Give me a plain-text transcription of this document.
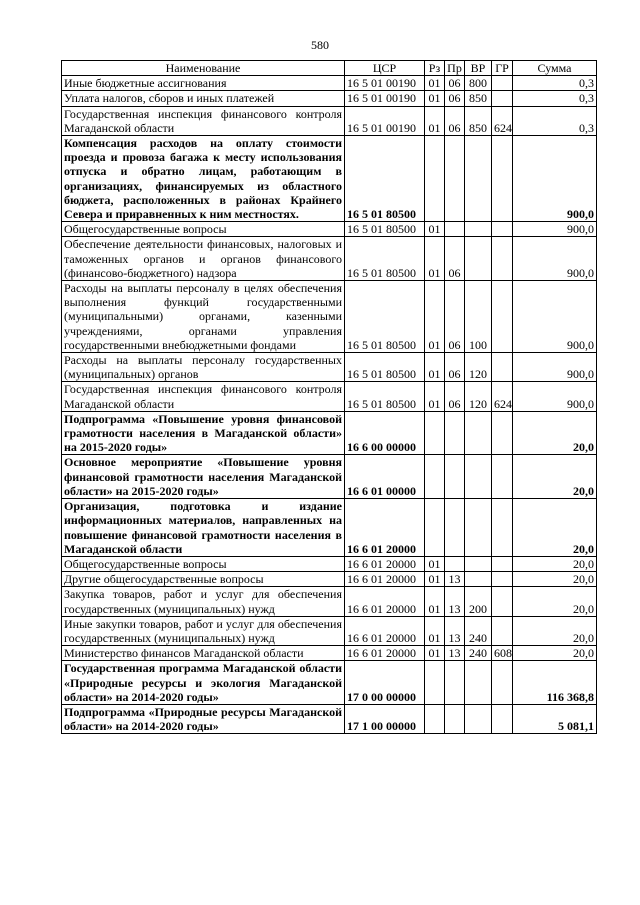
580
Наименование	ЦСР	Рз	Пр	ВР	ГР	Сумма
Иные бюджетные ассигнования	16 5 01 00190	01	06	800		0,3
Уплата налогов, сборов и иных платежей	16 5 01 00190	01	06	850		0,3
Государственная инспекция финансового контроля Магаданской области	16 5 01 00190	01	06	850	624	0,3
Компенсация расходов на оплату стоимости проезда и провоза багажа к месту использования отпуска и обратно лицам, работающим в организациях, финансируемых из областного бюджета, расположенных в районах Крайнего Севера и приравненных к ним местностях.	16 5 01 80500					900,0
Общегосударственные вопросы	16 5 01 80500	01				900,0
Обеспечение деятельности финансовых, налоговых и таможенных органов и органов финансового (финансово-бюджетного) надзора	16 5 01 80500	01	06			900,0
Расходы на выплаты персоналу в целях обеспечения выполнения функций государственными (муниципальными) органами, казенными учреждениями, органами управления государственными внебюджетными фондами	16 5 01 80500	01	06	100		900,0
Расходы на выплаты персоналу государственных (муниципальных) органов	16 5 01 80500	01	06	120		900,0
Государственная инспекция финансового контроля Магаданской области	16 5 01 80500	01	06	120	624	900,0
Подпрограмма «Повышение уровня финансовой грамотности населения в Магаданской области» на 2015-2020 годы»	16 6 00 00000					20,0
Основное мероприятие «Повышение уровня финансовой грамотности населения Магаданской области» на 2015-2020 годы»	16 6 01 00000					20,0
Организация, подготовка и издание информационных материалов, направленных на повышение финансовой грамотности населения в Магаданской области	16 6 01 20000					20,0
Общегосударственные вопросы	16 6 01 20000	01				20,0
Другие общегосударственные вопросы	16 6 01 20000	01	13			20,0
Закупка товаров, работ и услуг для обеспечения государственных (муниципальных) нужд	16 6 01 20000	01	13	200		20,0
Иные закупки товаров, работ и услуг для обеспечения государственных (муниципальных) нужд	16 6 01 20000	01	13	240		20,0
Министерство финансов Магаданской области	16 6 01 20000	01	13	240	608	20,0
Государственная программа Магаданской области «Природные ресурсы и экология Магаданской области» на 2014-2020 годы»	17 0 00 00000					116 368,8
Подпрограмма «Природные ресурсы Магаданской области» на 2014-2020 годы»	17 1 00 00000					5 081,1
